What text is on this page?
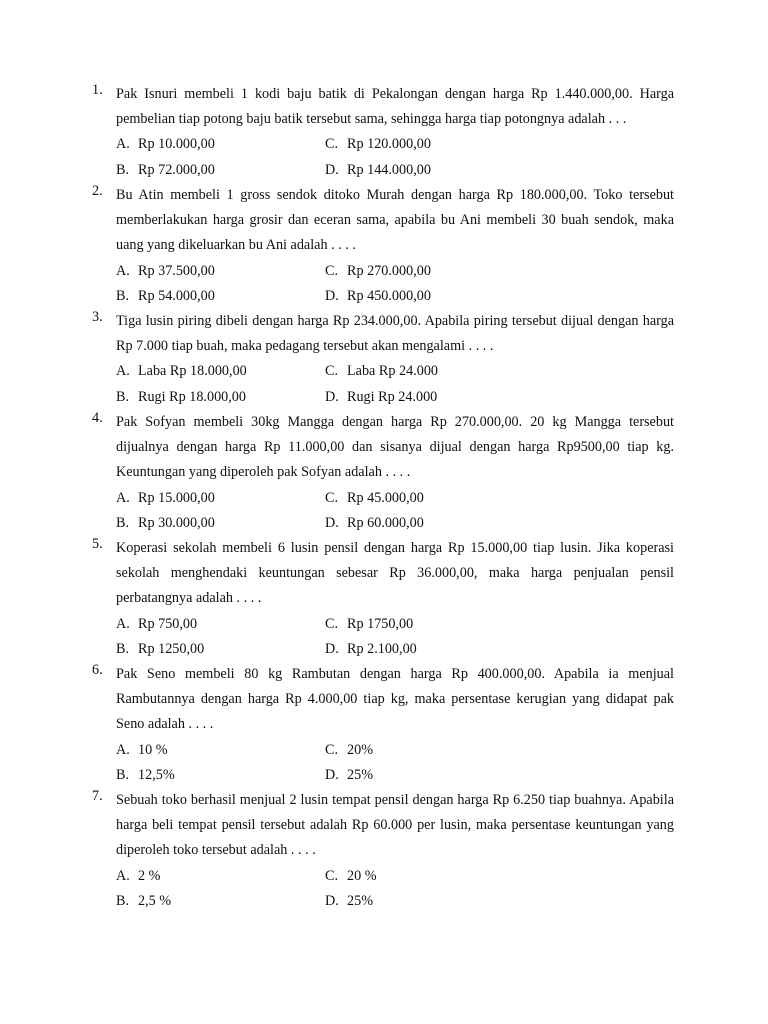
1. Pak Isnuri membeli 1 kodi baju batik di Pekalongan dengan harga Rp 1.440.000,00. Harga pembelian tiap potong baju batik tersebut sama, sehingga harga tiap potongnya adalah . . .
A. Rp 10.000,00	C. Rp 120.000,00
B. Rp 72.000,00	D. Rp 144.000,00
2. Bu Atin membeli 1 gross sendok ditoko Murah dengan harga Rp 180.000,00. Toko tersebut memberlakukan harga grosir dan eceran sama, apabila bu Ani membeli 30 buah sendok, maka uang yang dikeluarkan bu Ani adalah . . . .
A. Rp 37.500,00	C. Rp 270.000,00
B. Rp 54.000,00	D. Rp 450.000,00
3. Tiga lusin piring dibeli dengan harga Rp 234.000,00. Apabila piring tersebut dijual dengan harga Rp 7.000 tiap buah, maka pedagang tersebut akan mengalami . . . .
A. Laba Rp 18.000,00	C. Laba Rp 24.000
B. Rugi Rp 18.000,00	D. Rugi Rp 24.000
4. Pak Sofyan membeli 30kg Mangga dengan harga Rp 270.000,00. 20 kg Mangga tersebut dijualnya dengan harga Rp 11.000,00 dan sisanya dijual dengan harga Rp9500,00 tiap kg. Keuntungan yang diperoleh pak Sofyan adalah . . . .
A. Rp 15.000,00	C. Rp 45.000,00
B. Rp 30.000,00	D. Rp 60.000,00
5. Koperasi sekolah membeli 6 lusin pensil dengan harga Rp 15.000,00 tiap lusin. Jika koperasi sekolah menghendaki keuntungan sebesar Rp 36.000,00, maka harga penjualan pensil perbatangnya adalah . . . .
A. Rp 750,00	C. Rp 1750,00
B. Rp 1250,00	D. Rp 2.100,00
6. Pak Seno membeli 80 kg Rambutan dengan harga Rp 400.000,00. Apabila ia menjual Rambutannya dengan harga Rp 4.000,00 tiap kg, maka persentase kerugian yang didapat pak Seno adalah . . . .
A. 10 %	C. 20%
B. 12,5%	D. 25%
7. Sebuah toko berhasil menjual 2 lusin tempat pensil dengan harga Rp 6.250 tiap buahnya. Apabila harga beli tempat pensil tersebut adalah Rp 60.000 per lusin, maka persentase keuntungan yang diperoleh toko tersebut adalah . . . .
A. 2 %	C. 20 %
B. 2,5 %	D. 25%
